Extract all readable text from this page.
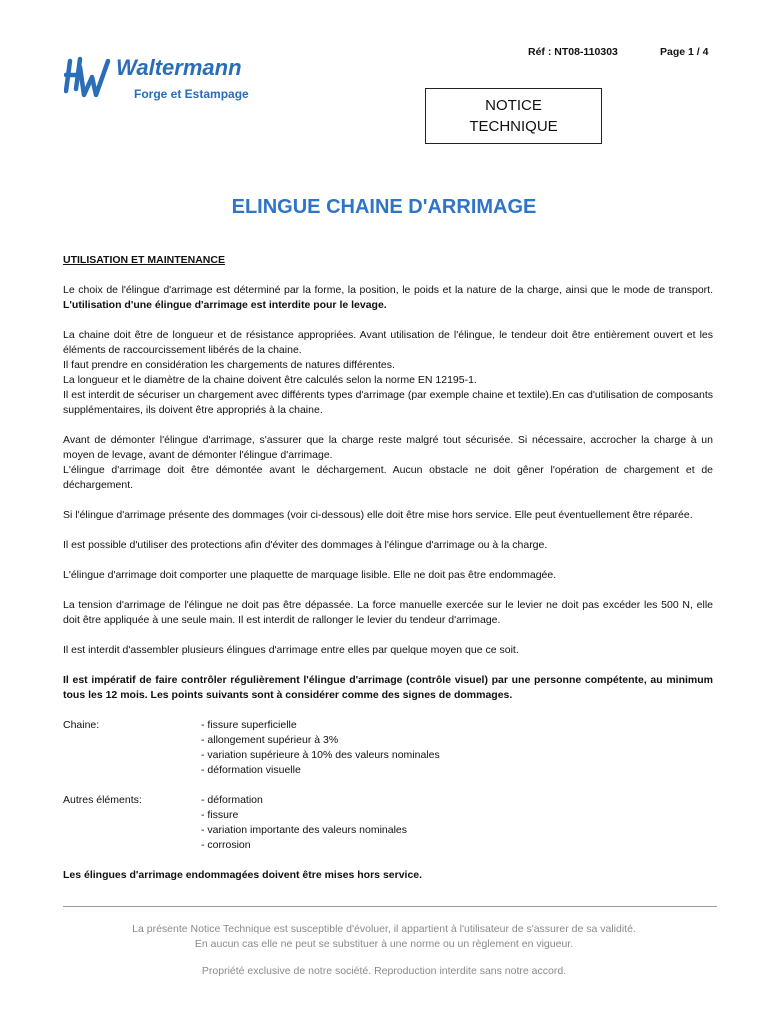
Réf : NT08-110303	Page 1 / 4
Waltermann
Forge et Estampage
NOTICE
TECHNIQUE
ELINGUE CHAINE D'ARRIMAGE
UTILISATION ET MAINTENANCE

Le choix de l'élingue d'arrimage est déterminé par la forme, la position, le poids et la nature de la charge, ainsi que le mode de transport. L'utilisation d'une élingue d'arrimage est interdite pour le levage.

La chaine doit être de longueur et de résistance appropriées. Avant utilisation de l'élingue, le tendeur doit être entièrement ouvert et les éléments de raccourcissement libérés de la chaine.
Il faut prendre en considération les chargements de natures différentes.
La longueur et le diamètre de la chaine doivent être calculés selon la norme EN 12195-1.
Il est interdit de sécuriser un chargement avec différents types d'arrimage (par exemple chaine et textile).En cas d'utilisation de composants supplémentaires, ils doivent être appropriés à la chaine.

Avant de démonter l'élingue d'arrimage, s'assurer que la charge reste malgré tout sécurisée. Si nécessaire, accrocher la charge à un moyen de levage, avant de démonter l'élingue d'arrimage.
L'élingue d'arrimage doit être démontée avant le déchargement. Aucun obstacle ne doit gêner l'opération de chargement et de déchargement.

Si l'élingue d'arrimage présente des dommages (voir ci-dessous) elle doit être mise hors service. Elle peut éventuellement être réparée.

Il est possible d'utiliser des protections afin d'éviter des dommages à l'élingue d'arrimage ou à la charge.

L'élingue d'arrimage doit comporter une plaquette de marquage lisible. Elle ne doit pas être endommagée.

La tension d'arrimage de l'élingue ne doit pas être dépassée. La force manuelle exercée sur le levier ne doit pas excéder les 500 N, elle doit être appliquée à une seule main. Il est interdit de rallonger le levier du tendeur d'arrimage.

Il est interdit d'assembler plusieurs élingues d'arrimage entre elles par quelque moyen que ce soit.

Il est impératif de faire contrôler régulièrement l'élingue d'arrimage (contrôle visuel) par une personne compétente, au minimum tous les 12 mois. Les points suivants sont à considérer comme des signes de dommages.

Chaine:	- fissure superficielle
- allongement supérieur à 3%
- variation supérieure à 10% des valeurs nominales
- déformation visuelle
Autres éléments:	- déformation
- fissure
- variation importante des valeurs nominales
- corrosion

Les élingues d'arrimage endommagées doivent être mises hors service.

La présente Notice Technique est susceptible d'évoluer, il appartient à l'utilisateur de s'assurer de sa validité.
En aucun cas elle ne peut se substituer à une norme ou un règlement en vigueur.
Propriété exclusive de notre société. Reproduction interdite sans notre accord.
